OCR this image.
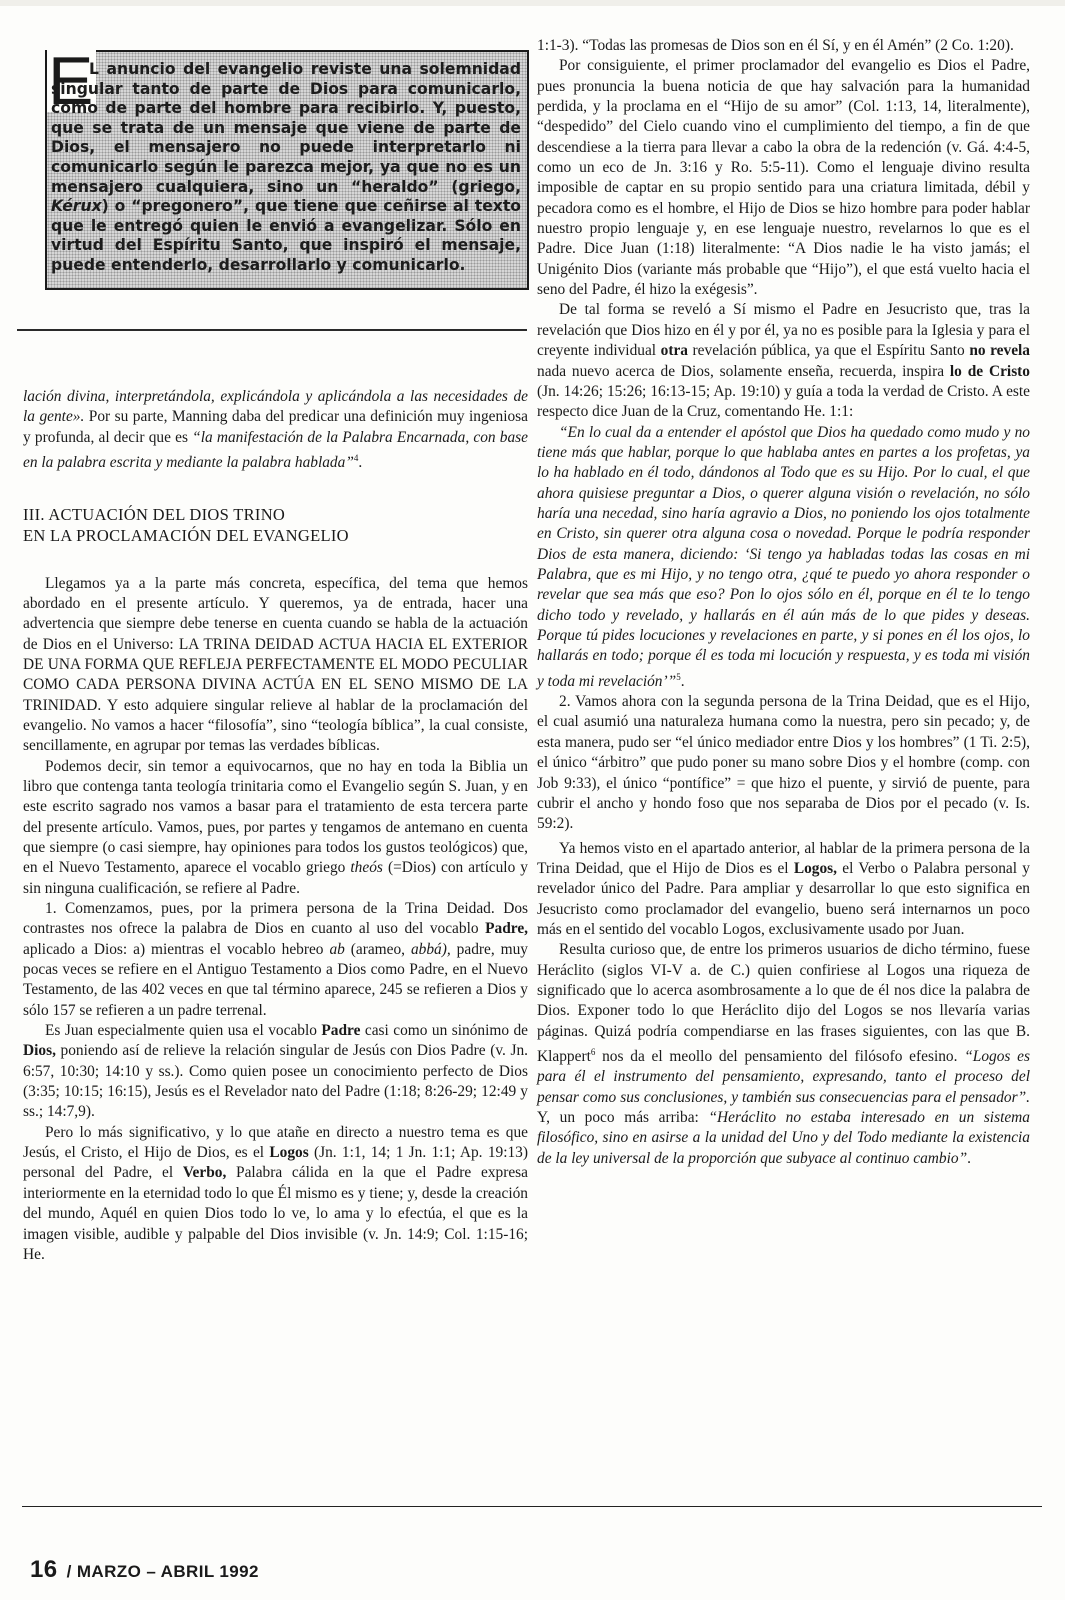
E
L anuncio del evangelio reviste una solemnidad singular tanto de parte de Dios para comunicarlo, como de parte del hombre para recibirlo. Y, puesto, que se trata de un mensaje que viene de parte de Dios, el mensajero no puede interpretarlo ni comunicarlo según le parezca mejor, ya que no es un mensajero cualquiera, sino un “heraldo” (griego, Kérux) o “pregonero”, que tiene que ceñirse al texto que le entregó quien le envió a evangelizar. Sólo en virtud del Espíritu Santo, que inspiró el mensaje, puede entenderlo, desarrollarlo y comunicarlo.

lación divina, interpretándola, explicándola y aplicándola a las necesidades de la gente». Por su parte, Manning daba del predicar una definición muy ingeniosa y profunda, al decir que es “la manifestación de la Palabra Encarnada, con base en la palabra escrita y mediante la palabra hablada”$^4$.

III. ACTUACIÓN DEL DIOS TRINO
EN LA PROCLAMACIÓN DEL EVANGELIO

Llegamos ya a la parte más concreta, específica, del tema que hemos abordado en el presente artículo. Y queremos, ya de entrada, hacer una advertencia que siempre debe tenerse en cuenta cuando se habla de la actuación de Dios en el Universo: LA TRINA DEIDAD ACTUA HACIA EL EXTERIOR DE UNA FORMA QUE REFLEJA PERFECTAMENTE EL MODO PECULIAR COMO CADA PERSONA DIVINA ACTÚA EN EL SENO MISMO DE LA TRINIDAD. Y esto adquiere singular relieve al hablar de la proclamación del evangelio. No vamos a hacer “filosofía”, sino “teología bíblica”, la cual consiste, sencillamente, en agrupar por temas las verdades bíblicas.

Podemos decir, sin temor a equivocarnos, que no hay en toda la Biblia un libro que contenga tanta teología trinitaria como el Evangelio según S. Juan, y en este escrito sagrado nos vamos a basar para el tratamiento de esta tercera parte del presente artículo. Vamos, pues, por partes y tengamos de antemano en cuenta que siempre (o casi siempre, hay opiniones para todos los gustos teológicos) que, en el Nuevo Testamento, aparece el vocablo griego theós (=Dios) con artículo y sin ninguna cualificación, se refiere al Padre.

1. Comenzamos, pues, por la primera persona de la Trina Deidad. Dos contrastes nos ofrece la palabra de Dios en cuanto al uso del vocablo Padre, aplicado a Dios: a) mientras el vocablo hebreo ab (arameo, abbá), padre, muy pocas veces se refiere en el Antiguo Testamento a Dios como Padre, en el Nuevo Testamento, de las 402 veces en que tal término aparece, 245 se refieren a Dios y sólo 157 se refieren a un padre terrenal.

Es Juan especialmente quien usa el vocablo Padre casi como un sinónimo de Dios, poniendo así de relieve la relación singular de Jesús con Dios Padre (v. Jn. 6:57, 10:30; 14:10 y ss.). Como quien posee un conocimiento perfecto de Dios (3:35; 10:15; 16:15), Jesús es el Revelador nato del Padre (1:18; 8:26-29; 12:49 y ss.; 14:7,9).

Pero lo más significativo, y lo que atañe en directo a nuestro tema es que Jesús, el Cristo, el Hijo de Dios, es el Logos (Jn. 1:1, 14; 1 Jn. 1:1; Ap. 19:13) personal del Padre, el Verbo, Palabra cálida en la que el Padre expresa interiormente en la eternidad todo lo que Él mismo es y tiene; y, desde la creación del mundo, Aquél en quien Dios todo lo ve, lo ama y lo efectúa, el que es la imagen visible, audible y palpable del Dios invisible (v. Jn. 14:9; Col. 1:15-16; He.

1:1-3). “Todas las promesas de Dios son en él Sí, y en él Amén” (2 Co. 1:20).

Por consiguiente, el primer proclamador del evangelio es Dios el Padre, pues pronuncia la buena noticia de que hay salvación para la humanidad perdida, y la proclama en el “Hijo de su amor” (Col. 1:13, 14, literalmente), “despedido” del Cielo cuando vino el cumplimiento del tiempo, a fin de que descendiese a la tierra para llevar a cabo la obra de la redención (v. Gá. 4:4-5, como un eco de Jn. 3:16 y Ro. 5:5-11). Como el lenguaje divino resulta imposible de captar en su propio sentido para una criatura limitada, débil y pecadora como es el hombre, el Hijo de Dios se hizo hombre para poder hablar nuestro propio lenguaje y, en ese lenguaje nuestro, revelarnos lo que es el Padre. Dice Juan (1:18) literalmente: “A Dios nadie le ha visto jamás; el Unigénito Dios (variante más probable que “Hijo”), el que está vuelto hacia el seno del Padre, él hizo la exégesis”.

De tal forma se reveló a Sí mismo el Padre en Jesucristo que, tras la revelación que Dios hizo en él y por él, ya no es posible para la Iglesia y para el creyente individual otra revelación pública, ya que el Espíritu Santo no revela nada nuevo acerca de Dios, solamente enseña, recuerda, inspira lo de Cristo (Jn. 14:26; 15:26; 16:13-15; Ap. 19:10) y guía a toda la verdad de Cristo. A este respecto dice Juan de la Cruz, comentando He. 1:1:

“En lo cual da a entender el apóstol que Dios ha quedado como mudo y no tiene más que hablar, porque lo que hablaba antes en partes a los profetas, ya lo ha hablado en él todo, dándonos al Todo que es su Hijo. Por lo cual, el que ahora quisiese preguntar a Dios, o querer alguna visión o revelación, no sólo haría una necedad, sino haría agravio a Dios, no poniendo los ojos totalmente en Cristo, sin querer otra alguna cosa o novedad. Porque le podría responder Dios de esta manera, diciendo: ‘Si tengo ya habladas todas las cosas en mi Palabra, que es mi Hijo, y no tengo otra, ¿qué te puedo yo ahora responder o revelar que sea más que eso? Pon lo ojos sólo en él, porque en él te lo tengo dicho todo y revelado, y hallarás en él aún más de lo que pides y deseas. Porque tú pides locuciones y revelaciones en parte, y si pones en él los ojos, lo hallarás en todo; porque él es toda mi locución y respuesta, y es toda mi visión y toda mi revelación’”$^5$.

2. Vamos ahora con la segunda persona de la Trina Deidad, que es el Hijo, el cual asumió una naturaleza humana como la nuestra, pero sin pecado; y, de esta manera, pudo ser “el único mediador entre Dios y los hombres” (1 Ti. 2:5), el único “árbitro” que pudo poner su mano sobre Dios y el hombre (comp. con Job 9:33), el único “pontífice” = que hizo el puente, y sirvió de puente, para cubrir el ancho y hondo foso que nos separaba de Dios por el pecado (v. Is. 59:2).

Ya hemos visto en el apartado anterior, al hablar de la primera persona de la Trina Deidad, que el Hijo de Dios es el Logos, el Verbo o Palabra personal y revelador único del Padre. Para ampliar y desarrollar lo que esto significa en Jesucristo como proclamador del evangelio, bueno será internarnos un poco más en el sentido del vocablo Logos, exclusivamente usado por Juan.

Resulta curioso que, de entre los primeros usuarios de dicho término, fuese Heráclito (siglos VI-V a. de C.) quien confiriese al Logos una riqueza de significado que lo acerca asombrosamente a lo que de él nos dice la palabra de Dios. Exponer todo lo que Heráclito dijo del Logos se nos llevaría varias páginas. Quizá podría compendiarse en las frases siguientes, con las que B. Klappert$^6$ nos da el meollo del pensamiento del filósofo efesino. “Logos es para él el instrumento del pensamiento, expresando, tanto el proceso del pensar como sus conclusiones, y también sus consecuencias para el pensador”. Y, un poco más arriba: “Heráclito no estaba interesado en un sistema filosófico, sino en asirse a la unidad del Uno y del Todo mediante la existencia de la ley universal de la proporción que subyace al continuo cambio”.

16 / MARZO – ABRIL 1992
